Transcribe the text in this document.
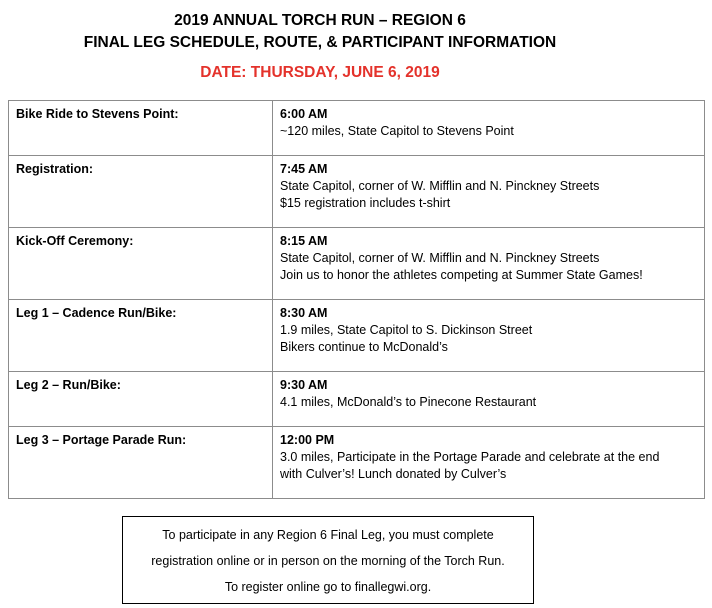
2019 ANNUAL TORCH RUN – REGION 6
FINAL LEG SCHEDULE, ROUTE, & PARTICIPANT INFORMATION
DATE: THURSDAY, JUNE 6, 2019
Bike Ride to Stevens Point:	6:00 AM
~120 miles, State Capitol to Stevens Point

Registration:	7:45 AM
State Capitol, corner of W. Mifflin and N. Pinckney Streets
$15 registration includes t-shirt

Kick-Off Ceremony:	8:15 AM
State Capitol, corner of W. Mifflin and N. Pinckney Streets
Join us to honor the athletes competing at Summer State Games!

Leg 1 – Cadence Run/Bike:	8:30 AM
1.9 miles, State Capitol to S. Dickinson Street
Bikers continue to McDonald’s

Leg 2 – Run/Bike:	9:30 AM
4.1 miles, McDonald’s to Pinecone Restaurant

Leg 3 – Portage Parade Run:	12:00 PM
3.0 miles, Participate in the Portage Parade and celebrate at the end
with Culver’s! Lunch donated by Culver’s
To participate in any Region 6 Final Leg, you must complete
registration online or in person on the morning of the Torch Run.
To register online go to finallegwi.org.
